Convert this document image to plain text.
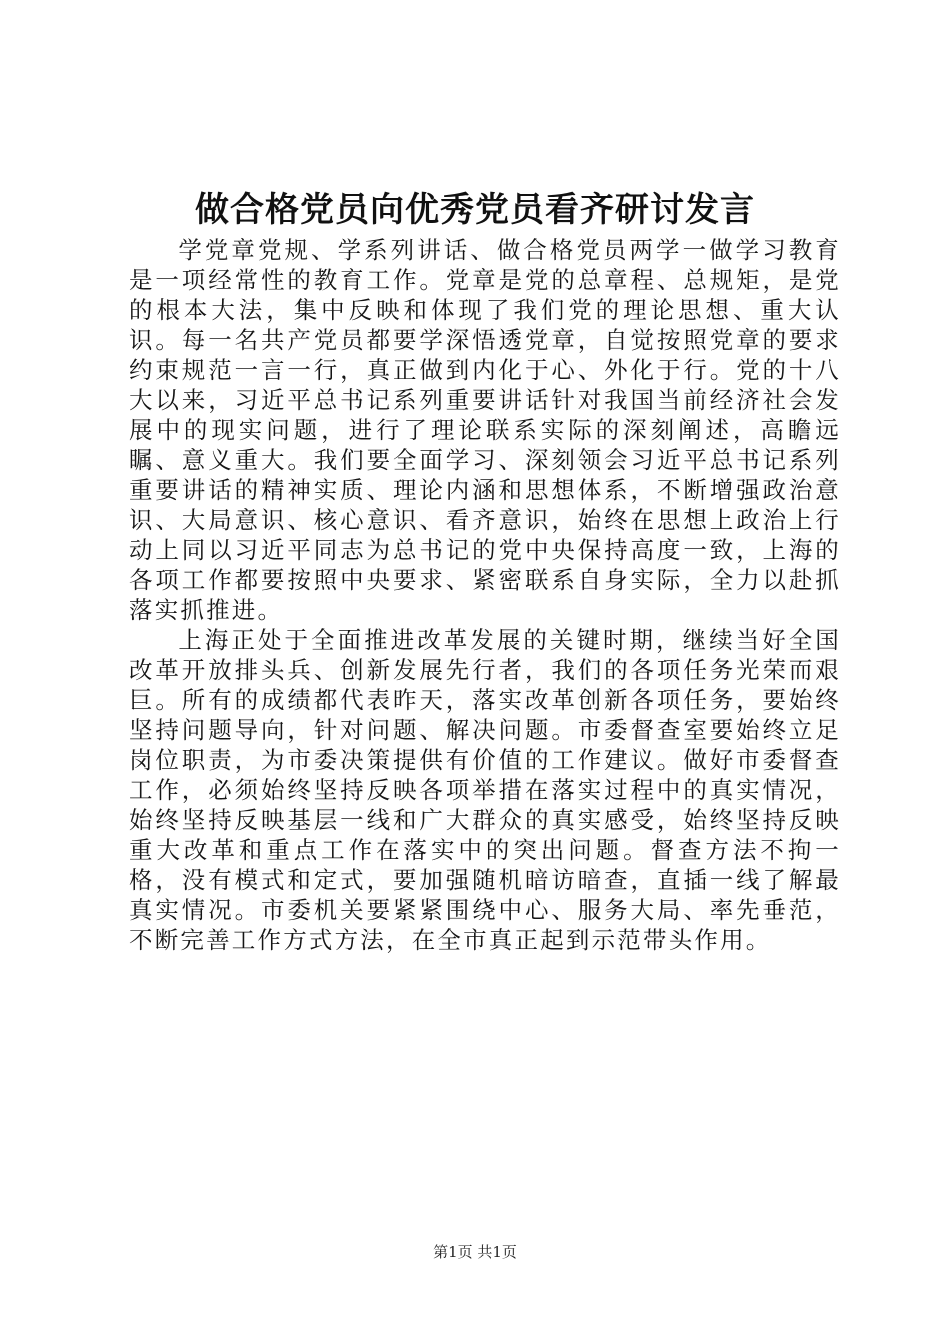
做合格党员向优秀党员看齐研讨发言

学党章党规、学系列讲话、做合格党员两学一做学习教育是一项经常性的教育工作。党章是党的总章程、总规矩，是党的根本大法，集中反映和体现了我们党的理论思想、重大认识。每一名共产党员都要学深悟透党章，自觉按照党章的要求约束规范一言一行，真正做到内化于心、外化于行。党的十八大以来，习近平总书记系列重要讲话针对我国当前经济社会发展中的现实问题，进行了理论联系实际的深刻阐述，高瞻远瞩、意义重大。我们要全面学习、深刻领会习近平总书记系列重要讲话的精神实质、理论内涵和思想体系，不断增强政治意识、大局意识、核心意识、看齐意识，始终在思想上政治上行动上同以习近平同志为总书记的党中央保持高度一致，上海的各项工作都要按照中央要求、紧密联系自身实际，全力以赴抓落实抓推进。

上海正处于全面推进改革发展的关键时期，继续当好全国改革开放排头兵、创新发展先行者，我们的各项任务光荣而艰巨。所有的成绩都代表昨天，落实改革创新各项任务，要始终坚持问题导向，针对问题、解决问题。市委督查室要始终立足岗位职责，为市委决策提供有价值的工作建议。做好市委督查工作，必须始终坚持反映各项举措在落实过程中的真实情况，始终坚持反映基层一线和广大群众的真实感受，始终坚持反映重大改革和重点工作在落实中的突出问题。督查方法不拘一格，没有模式和定式，要加强随机暗访暗查，直插一线了解最真实情况。市委机关要紧紧围绕中心、服务大局、率先垂范，不断完善工作方式方法，在全市真正起到示范带头作用。

第1页 共1页
